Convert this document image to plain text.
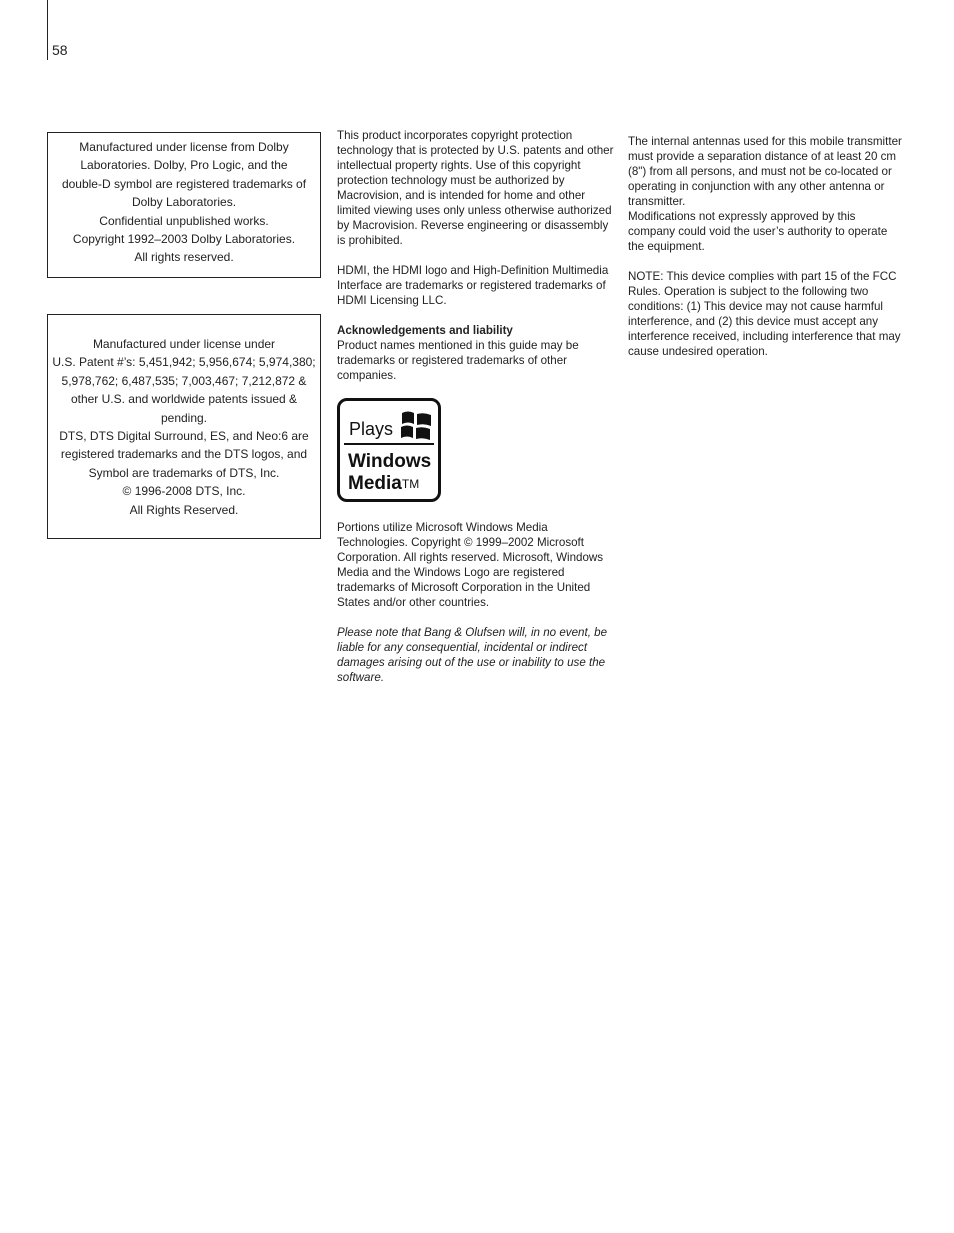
58

Manufactured under license from Dolby

Laboratories. Dolby, Pro Logic, and the

double-D symbol are registered trademarks of

Dolby Laboratories.

Confidential unpublished works.

Copyright 1992–2003 Dolby Laboratories.

All rights reserved.

Manufactured under license under

U.S. Patent #’s: 5,451,942; 5,956,674; 5,974,380;

5,978,762; 6,487,535; 7,003,467; 7,212,872 &

other U.S. and worldwide patents issued &

pending.

DTS, DTS Digital Surround, ES, and Neo:6 are

registered trademarks and the DTS logos, and

Symbol are trademarks of DTS, Inc.

© 1996-2008 DTS, Inc.

All Rights Reserved.

This product incorporates copyright protection technology that is protected by U.S. patents and other intellectual property rights. Use of this copyright protection technology must be authorized by Macrovision, and is intended for home and other limited viewing uses only unless otherwise authorized by Macrovision. Reverse engineering or disassembly is prohibited.

HDMI, the HDMI logo and High-Definition Multimedia Interface are trademarks or registered trademarks of HDMI Licensing LLC.

Acknowledgements and liability

Product names mentioned in this guide may be trademarks or registered trademarks of other companies.

Plays
Windows
Media™

Portions utilize Microsoft Windows Media Technologies. Copyright © 1999–2002 Microsoft Corporation. All rights reserved. Microsoft, Windows Media and the Windows Logo are registered trademarks of Microsoft Corporation in the United States and/or other countries.

Please note that Bang & Olufsen will, in no event, be liable for any consequential, incidental or indirect damages arising out of the use or inability to use the software.

The internal antennas used for this mobile transmitter must provide a separation distance of at least 20 cm (8") from all persons, and must not be co-located or operating in conjunction with any other antenna or transmitter.

Modifications not expressly approved by this company could void the user’s authority to operate the equipment.

NOTE: This device complies with part 15 of the FCC Rules. Operation is subject to the following two conditions: (1) This device may not cause harmful interference, and (2) this device must accept any interference received, including interference that may cause undesired operation.
